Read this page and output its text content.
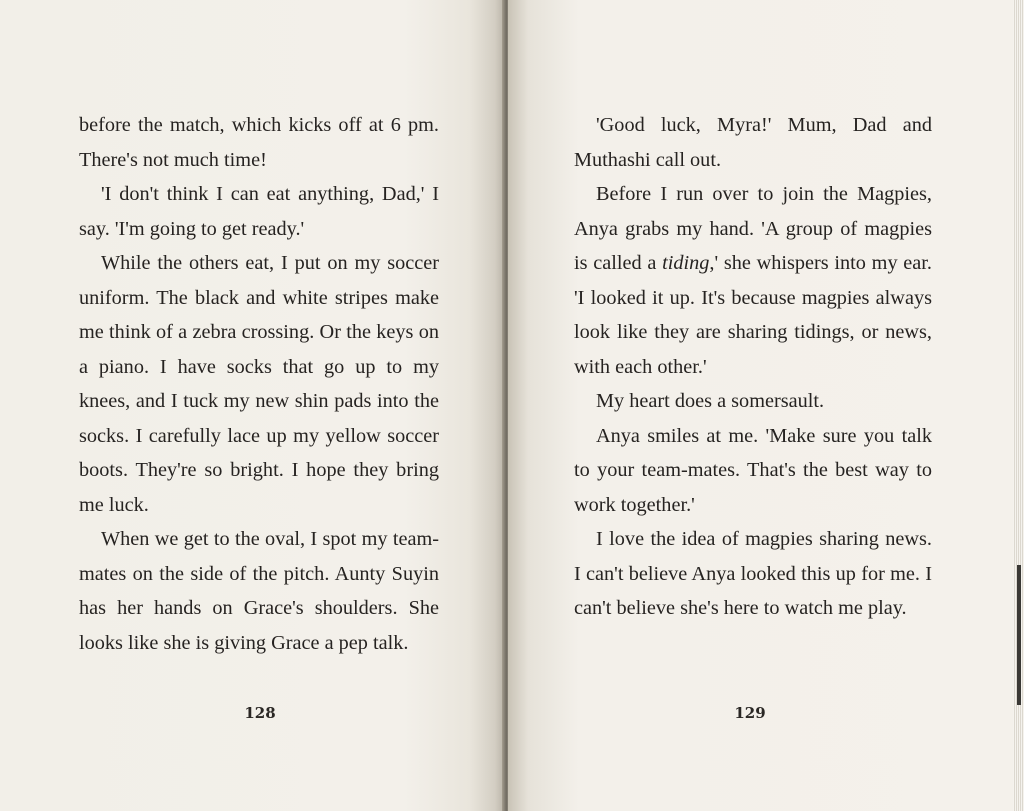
before the match, which kicks off at 6 pm. There's not much time!

'I don't think I can eat anything, Dad,' I say. 'I'm going to get ready.'

While the others eat, I put on my soccer uniform. The black and white stripes make me think of a zebra crossing. Or the keys on a piano. I have socks that go up to my knees, and I tuck my new shin pads into the socks. I carefully lace up my yellow soccer boots. They're so bright. I hope they bring me luck.

When we get to the oval, I spot my team-mates on the side of the pitch. Aunty Suyin has her hands on Grace's shoulders. She looks like she is giving Grace a pep talk.

128

'Good luck, Myra!' Mum, Dad and Muthashi call out.

Before I run over to join the Magpies, Anya grabs my hand. 'A group of magpies is called a tiding,' she whispers into my ear. 'I looked it up. It's because magpies always look like they are sharing tidings, or news, with each other.'

My heart does a somersault.

Anya smiles at me. 'Make sure you talk to your team-mates. That's the best way to work together.'

I love the idea of magpies sharing news. I can't believe Anya looked this up for me. I can't believe she's here to watch me play.

129
